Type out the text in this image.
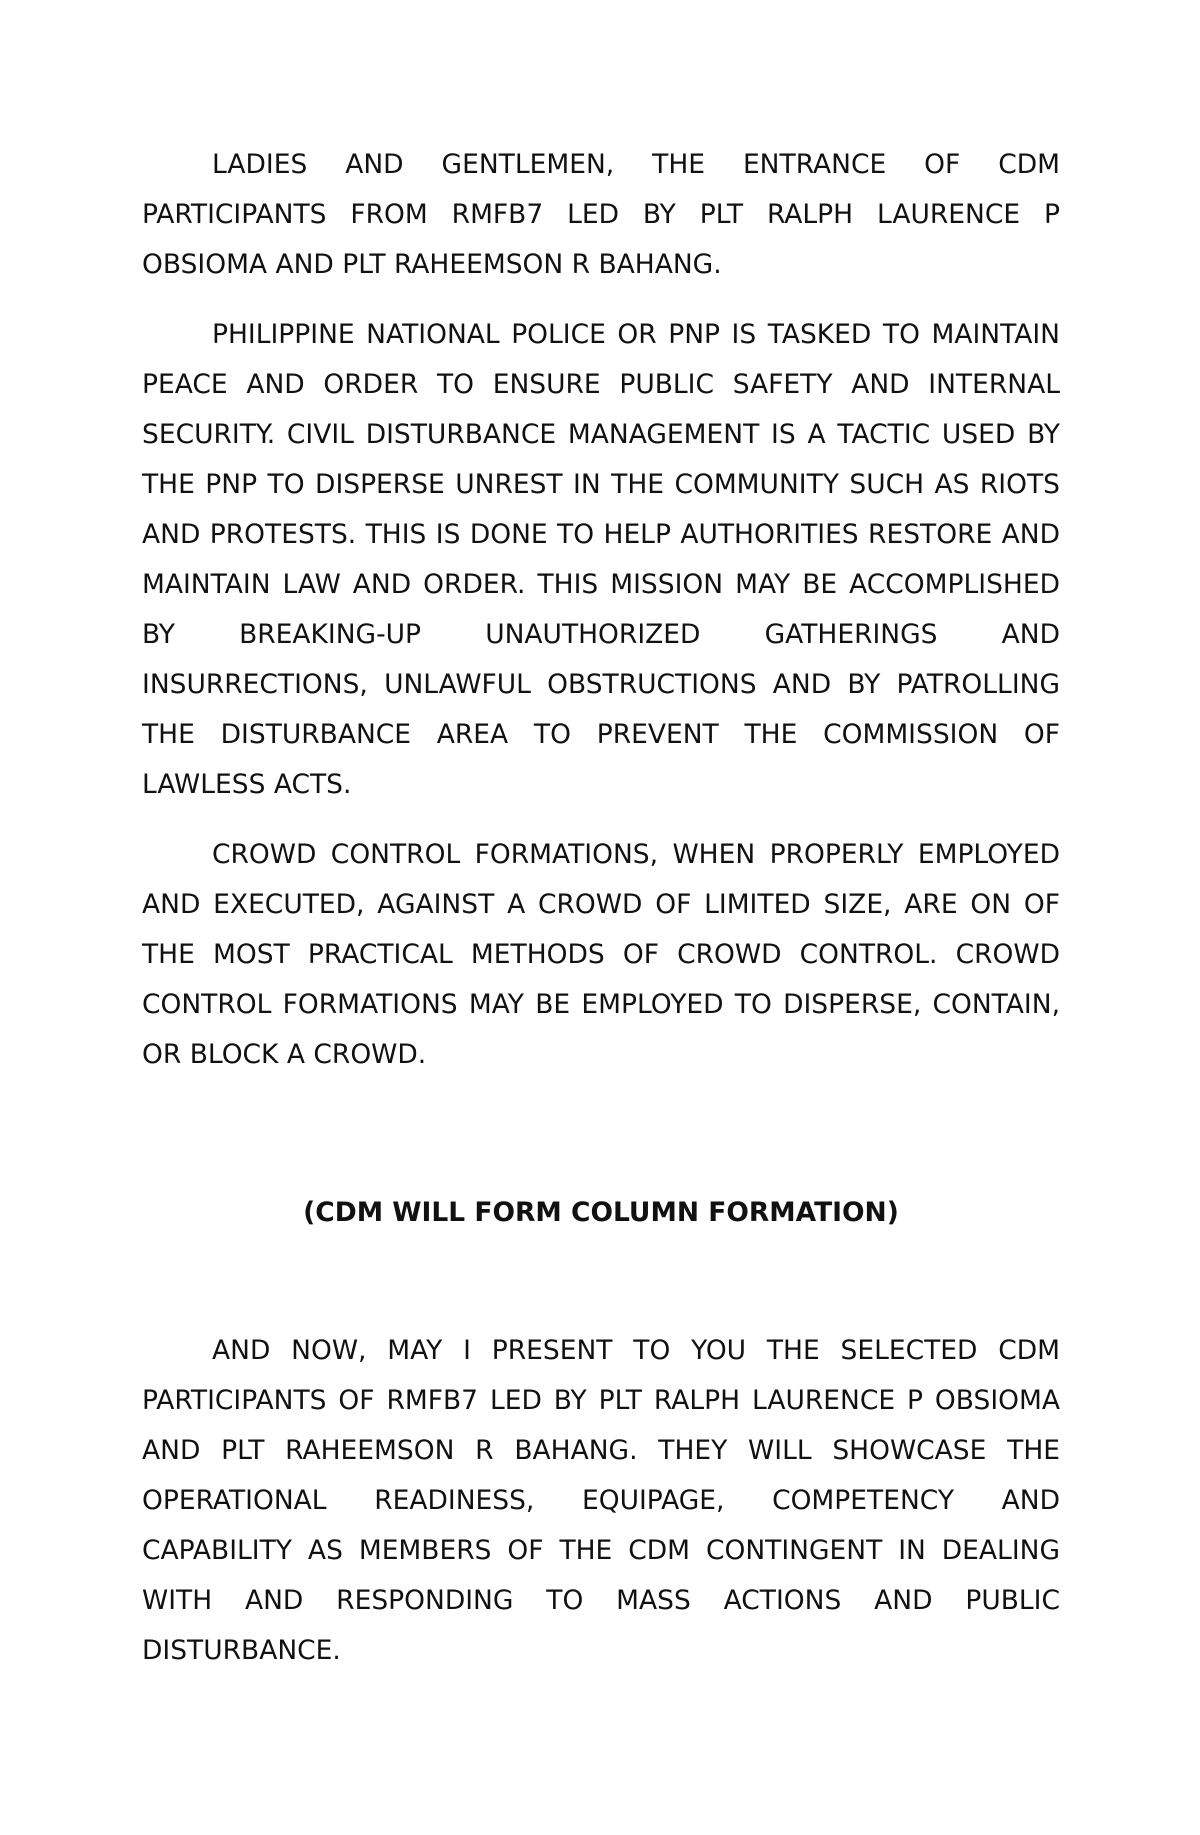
LADIES AND GENTLEMEN, THE ENTRANCE OF CDM PARTICIPANTS FROM RMFB7 LED BY PLT RALPH LAURENCE P OBSIOMA AND PLT RAHEEMSON R BAHANG.

PHILIPPINE NATIONAL POLICE OR PNP IS TASKED TO MAINTAIN PEACE AND ORDER TO ENSURE PUBLIC SAFETY AND INTERNAL SECURITY. CIVIL DISTURBANCE MANAGEMENT IS A TACTIC USED BY THE PNP TO DISPERSE UNREST IN THE COMMUNITY SUCH AS RIOTS AND PROTESTS. THIS IS DONE TO HELP AUTHORITIES RESTORE AND MAINTAIN LAW AND ORDER. THIS MISSION MAY BE ACCOMPLISHED BY BREAKING-UP UNAUTHORIZED GATHERINGS AND INSURRECTIONS, UNLAWFUL OBSTRUCTIONS AND BY PATROLLING THE DISTURBANCE AREA TO PREVENT THE COMMISSION OF LAWLESS ACTS.

CROWD CONTROL FORMATIONS, WHEN PROPERLY EMPLOYED AND EXECUTED, AGAINST A CROWD OF LIMITED SIZE, ARE ON OF THE MOST PRACTICAL METHODS OF CROWD CONTROL. CROWD CONTROL FORMATIONS MAY BE EMPLOYED TO DISPERSE, CONTAIN, OR BLOCK A CROWD.

(CDM WILL FORM COLUMN FORMATION)

AND NOW, MAY I PRESENT TO YOU THE SELECTED CDM PARTICIPANTS OF RMFB7 LED BY PLT RALPH LAURENCE P OBSIOMA AND PLT RAHEEMSON R BAHANG. THEY WILL SHOWCASE THE OPERATIONAL READINESS, EQUIPAGE, COMPETENCY AND CAPABILITY AS MEMBERS OF THE CDM CONTINGENT IN DEALING WITH AND RESPONDING TO MASS ACTIONS AND PUBLIC DISTURBANCE.
